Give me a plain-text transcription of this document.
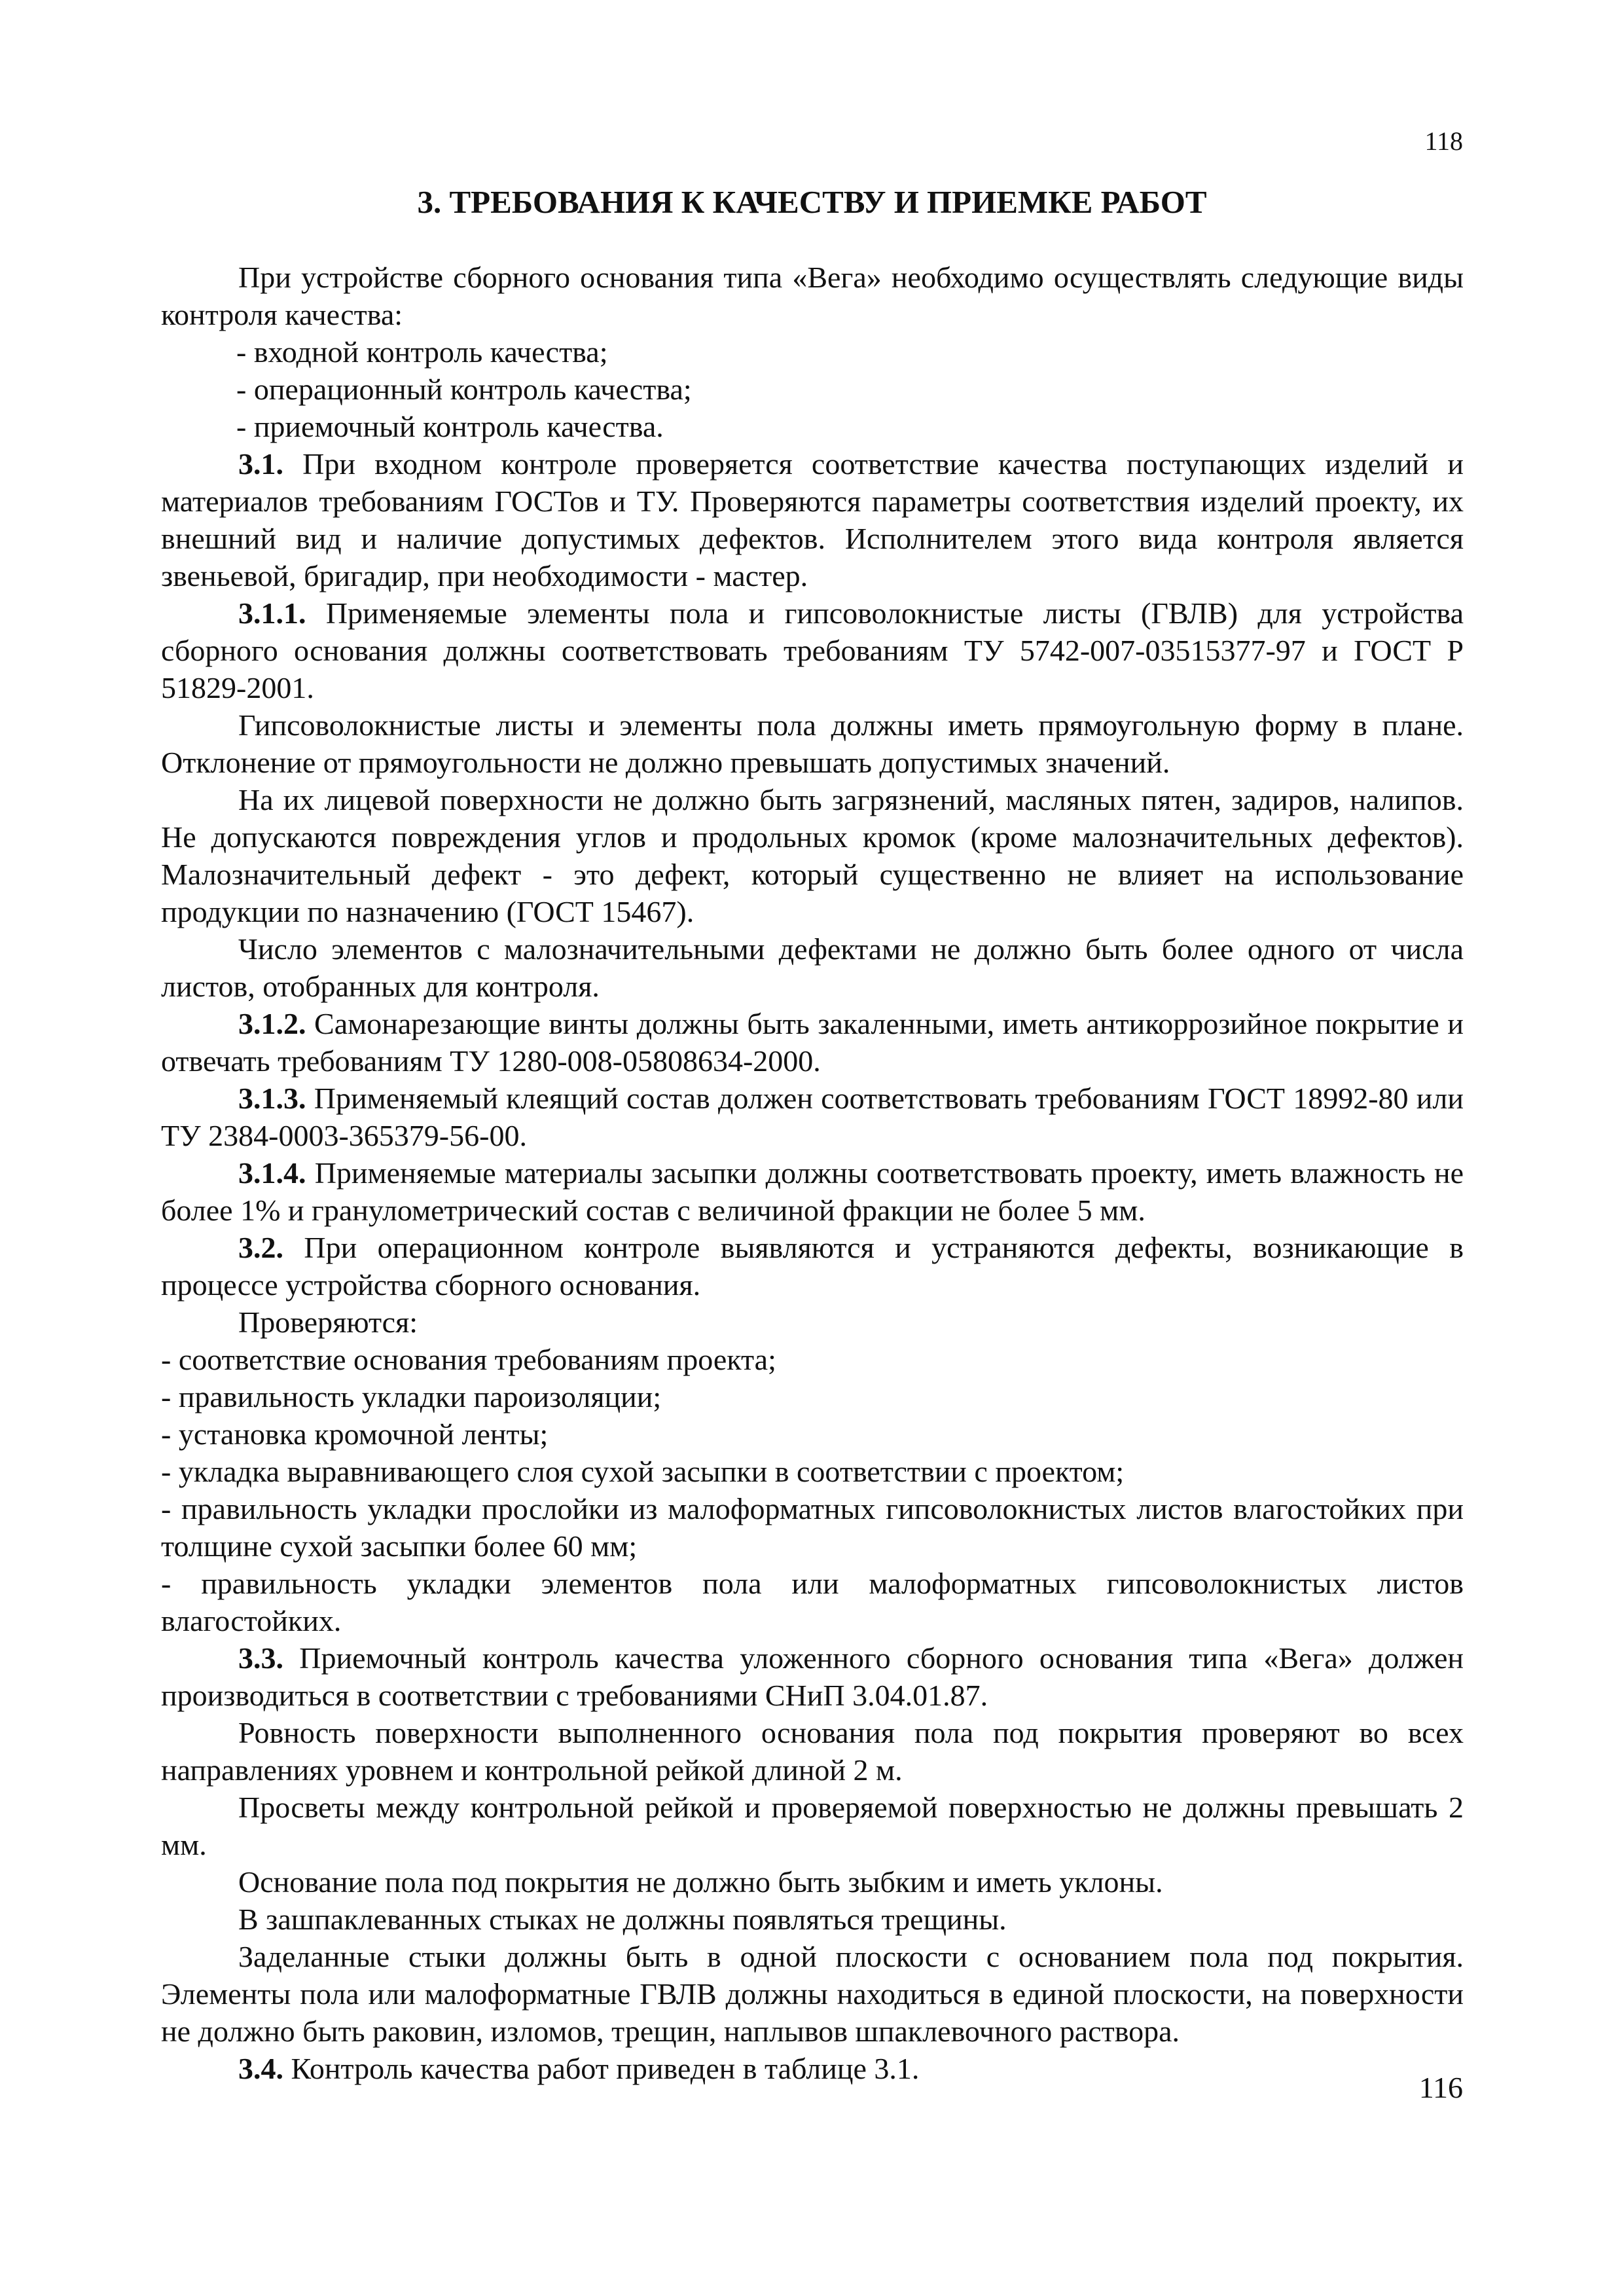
118
3. ТРЕБОВАНИЯ К КАЧЕСТВУ И ПРИЕМКЕ РАБОТ

При устройстве сборного основания типа «Вега» необходимо осуществлять следующие виды контроля качества:

- входной контроль качества;

- операционный контроль качества;

- приемочный контроль качества.

3.1. При входном контроле проверяется соответствие качества поступающих изделий и материалов требованиям ГОСТов и ТУ. Проверяются параметры соответствия изделий проекту, их внешний вид и наличие допустимых дефектов. Исполнителем этого вида контроля является звеньевой, бригадир, при необходимости - мастер.

3.1.1. Применяемые элементы пола и гипсоволокнистые листы (ГВЛВ) для устройства сборного основания должны соответствовать требованиям ТУ 5742-007-03515377-97 и ГОСТ Р 51829-2001.

Гипсоволокнистые листы и элементы пола должны иметь прямоугольную форму в плане. Отклонение от прямоугольности не должно превышать допустимых значений.

На их лицевой поверхности не должно быть загрязнений, масляных пятен, задиров, налипов. Не допускаются повреждения углов и продольных кромок (кроме малозначительных дефектов). Малозначительный дефект - это дефект, который существенно не влияет на использование продукции по назначению (ГОСТ 15467).

Число элементов с малозначительными дефектами не должно быть более одного от числа листов, отобранных для контроля.

3.1.2. Самонарезающие винты должны быть закаленными, иметь антикоррозийное покрытие и отвечать требованиям ТУ 1280-008-05808634-2000.

3.1.3. Применяемый клеящий состав должен соответствовать требованиям ГОСТ 18992-80 или ТУ 2384-0003-365379-56-00.

3.1.4. Применяемые материалы засыпки должны соответствовать проекту, иметь влажность не более 1% и гранулометрический состав с величиной фракции не более 5 мм.

3.2. При операционном контроле выявляются и устраняются дефекты, возникающие в процессе устройства сборного основания.

Проверяются:

- соответствие основания требованиям проекта;

- правильность укладки пароизоляции;

- установка кромочной ленты;

- укладка выравнивающего слоя сухой засыпки в соответствии с проектом;

- правильность укладки прослойки из малоформатных гипсоволокнистых листов влагостойких при толщине сухой засыпки более 60 мм;

- правильность укладки элементов пола или малоформатных гипсоволокнистых листов влагостойких.

3.3. Приемочный контроль качества уложенного сборного основания типа «Вега» должен производиться в соответствии с требованиями СНиП 3.04.01.87.

Ровность поверхности выполненного основания пола под покрытия проверяют во всех направлениях уровнем и контрольной рейкой длиной 2 м.

Просветы между контрольной рейкой и проверяемой поверхностью не должны превышать 2 мм.

Основание пола под покрытия не должно быть зыбким и иметь уклоны.

В зашпаклеванных стыках не должны появляться трещины.

Заделанные стыки должны быть в одной плоскости с основанием пола под покрытия. Элементы пола или малоформатные ГВЛВ должны находиться в единой плоскости, на поверхности не должно быть раковин, изломов, трещин, наплывов шпаклевочного раствора.

3.4. Контроль качества работ приведен в таблице 3.1.

116
